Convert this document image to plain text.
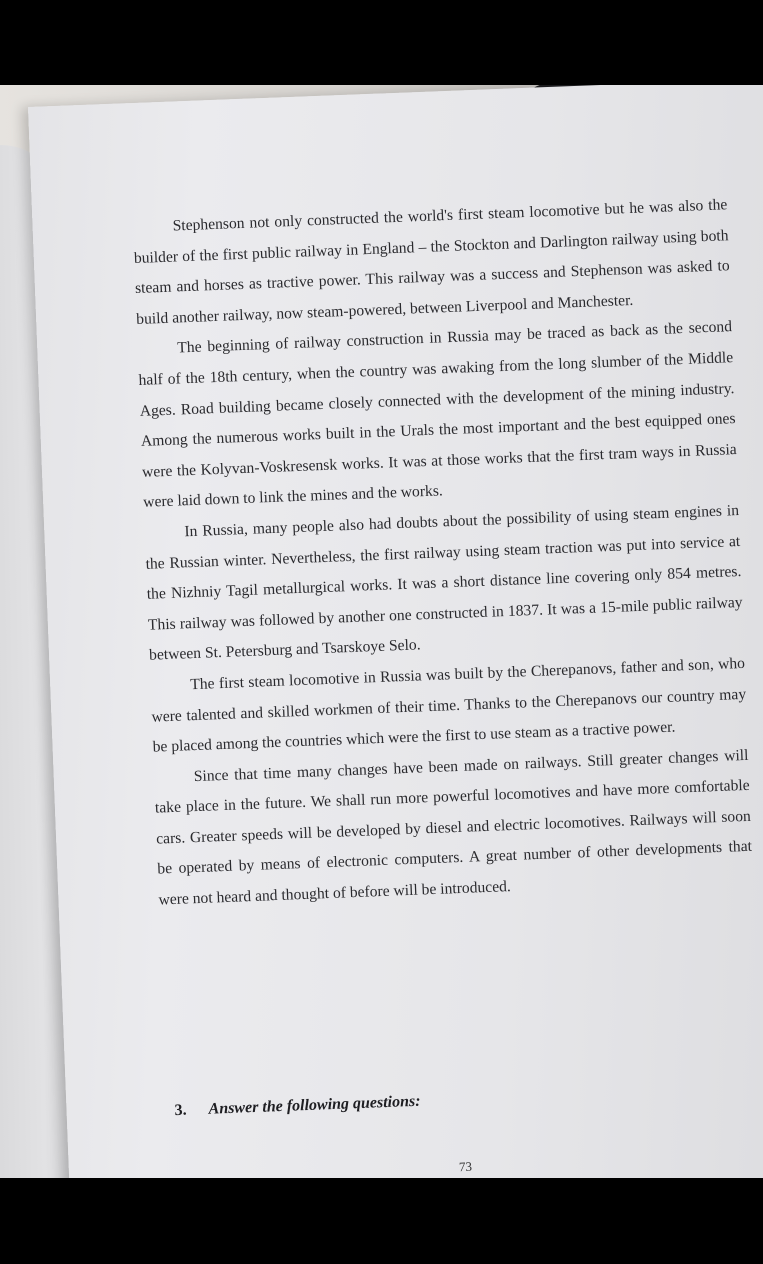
Stephenson not only constructed the world's first steam locomotive but he was also the builder of the first public railway in England – the Stockton and Darlington railway using both steam and horses as tractive power. This railway was a success and Stephenson was asked to build another railway, now steam-powered, between Liverpool and Manchester.

The beginning of railway construction in Russia may be traced as back as the second half of the 18th century, when the country was awaking from the long slumber of the Middle Ages. Road building became closely connected with the development of the mining industry. Among the numerous works built in the Urals the most important and the best equipped ones were the Kolyvan-Voskresensk works. It was at those works that the first tram ways in Russia were laid down to link the mines and the works.

In Russia, many people also had doubts about the possibility of using steam engines in the Russian winter. Nevertheless, the first railway using steam traction was put into service at the Nizhniy Tagil metallurgical works. It was a short distance line covering only 854 metres. This railway was followed by another one constructed in 1837. It was a 15-mile public railway between St. Petersburg and Tsarskoye Selo.

The first steam locomotive in Russia was built by the Cherepanovs, father and son, who were talented and skilled workmen of their time. Thanks to the Cherepanovs our country may be placed among the countries which were the first to use steam as a tractive power.

Since that time many changes have been made on railways. Still greater changes will take place in the future. We shall run more powerful locomotives and have more comfortable cars. Greater speeds will be developed by diesel and electric locomotives. Railways will soon be operated by means of electronic computers. A great number of other developments that were not heard and thought of before will be introduced.

3. Answer the following questions:
73
